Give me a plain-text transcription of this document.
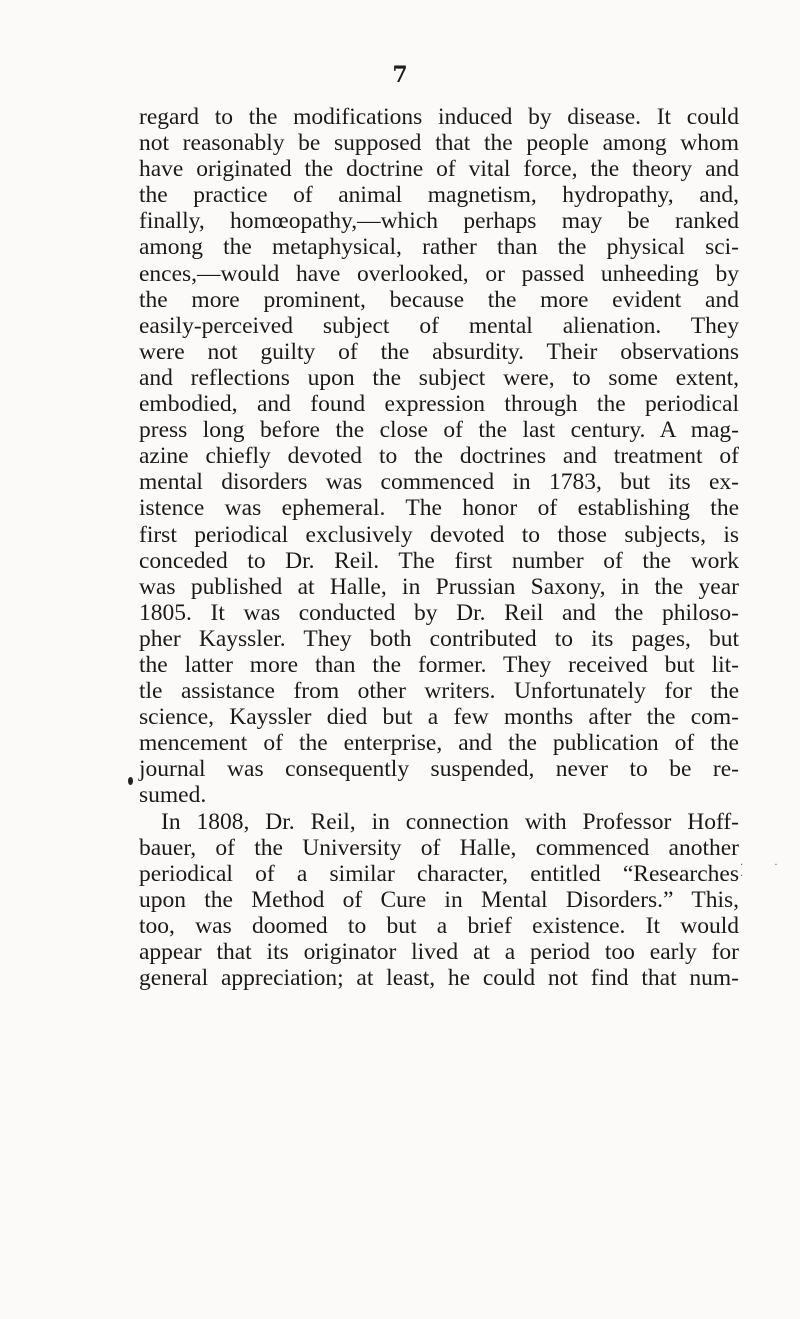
7
regard to the modifications induced by disease. It could
not reasonably be supposed that the people among whom
have originated the doctrine of vital force, the theory and
the practice of animal magnetism, hydropathy, and,
finally, homœopathy,—which perhaps may be ranked
among the metaphysical, rather than the physical sci-
ences,—would have overlooked, or passed unheeding by
the more prominent, because the more evident and
easily-perceived subject of mental alienation. They
were not guilty of the absurdity. Their observations
and reflections upon the subject were, to some extent,
embodied, and found expression through the periodical
press long before the close of the last century. A mag-
azine chiefly devoted to the doctrines and treatment of
mental disorders was commenced in 1783, but its ex-
istence was ephemeral. The honor of establishing the
first periodical exclusively devoted to those subjects, is
conceded to Dr. Reil. The first number of the work
was published at Halle, in Prussian Saxony, in the year
1805. It was conducted by Dr. Reil and the philoso-
pher Kayssler. They both contributed to its pages, but
the latter more than the former. They received but lit-
tle assistance from other writers. Unfortunately for the
science, Kayssler died but a few months after the com-
mencement of the enterprise, and the publication of the
journal was consequently suspended, never to be re-
sumed.
In 1808, Dr. Reil, in connection with Professor Hoff-
bauer, of the University of Halle, commenced another
periodical of a similar character, entitled “Researches
upon the Method of Cure in Mental Disorders.” This,
too, was doomed to but a brief existence. It would
appear that its originator lived at a period too early for
general appreciation; at least, he could not find that num-
. . .
